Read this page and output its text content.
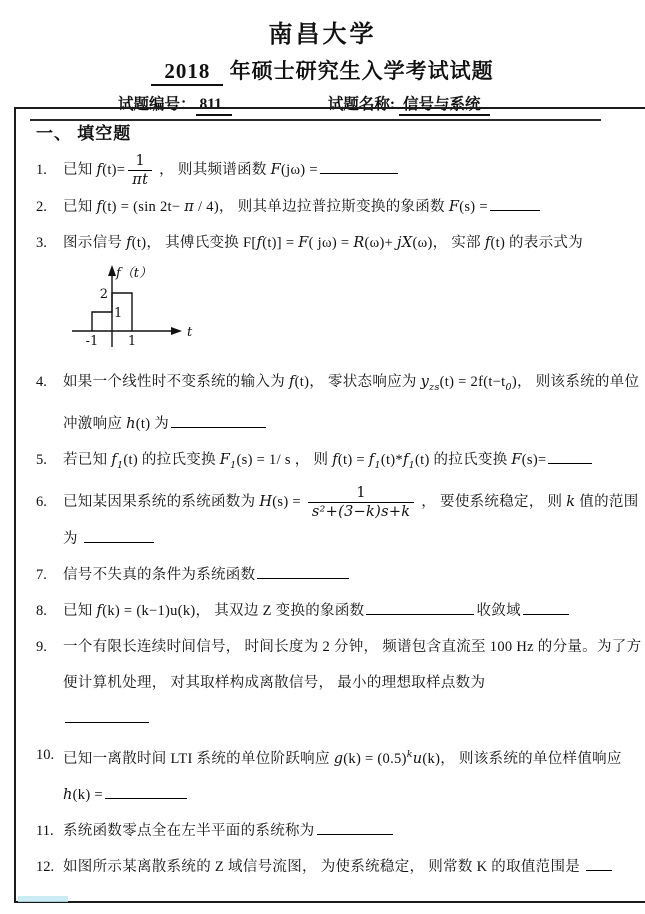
南昌大学
2018 年硕士研究生入学考试试题
试题编号： 811	试题名称: 信号与系统
一、 填空题
1.	已知 $f(t)= \frac{1}{\pi t}$ ， 则其频谱函数 F(jω) =
2.	已知 f(t) = (sin 2t− π / 4)， 则其单边拉普拉斯变换的象函数 F(s) =
3.	图示信号 f(t)， 其傅氏变换 F[f(t)] = F( jω) = R(ω)+ jX(ω)， 实部 f(t) 的表示式为
2
1
-1 1
t
f（t）
4.	如果一个线性时不变系统的输入为 f(t)， 零状态响应为 $y_{zs}(t) = 2f(t-t_0)$， 则该系统的单位冲激响应 h(t) 为
5.	若已知 $f_1(t)$ 的拉氏变换 $F_1(s) = 1/$ s ， 则 $f(t) = f_1(t)*f_1(t)$ 的拉氏变换 F(s)=
6.	已知某因果系统的系统函数为 $H(s) = \frac{1}{\text{s²+(3−k)s+k}}$ ， 要使系统稳定， 则 k 值的范围为
7.	信号不失真的条件为系统函数
8.	已知 f(k) = (k−1)u(k)， 其双边 Z 变换的象函数	收敛域
9.	一个有限长连续时间信号， 时间长度为 2 分钟， 频谱包含直流至 100 Hz 的分量。为了方便计算机处理， 对其取样构成离散信号， 最小的理想取样点数为

10. 已知一离散时间 LTI 系统的单位阶跃响应 $g(k) = (0.5)^ku(k)$， 则该系统的单位样值响应 h(k) =
11. 系统函数零点全在左半平面的系统称为
12. 如图所示某离散系统的 Z 域信号流图， 为使系统稳定， 则常数 K 的取值范围是
